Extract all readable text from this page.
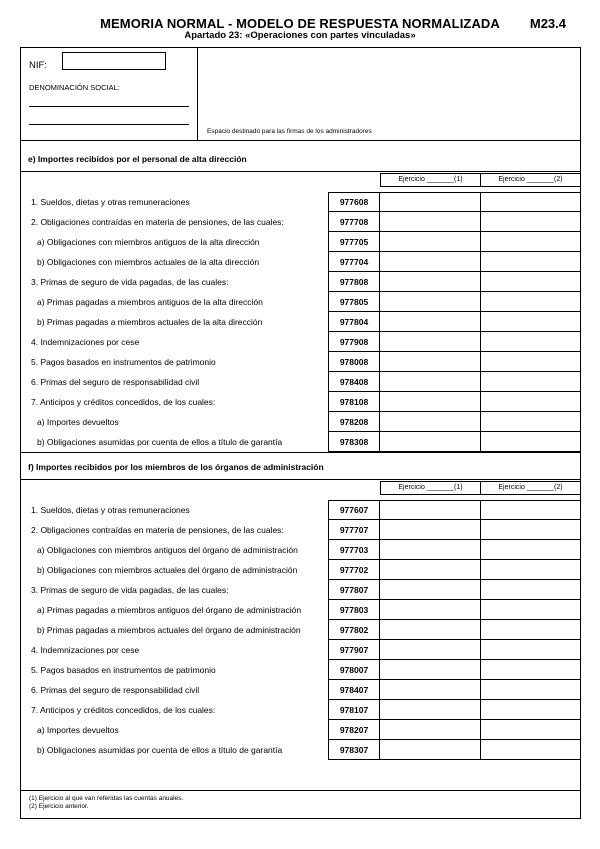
MEMORIA NORMAL - MODELO DE RESPUESTA NORMALIZADA	M23.4
Apartado 23: «Operaciones con partes vinculadas»
NIF:
DENOMINACIÓN SOCIAL:
Espacio destinado para las firmas de los administradores
e) Importes recibidos por el personal de alta dirección
Ejercicio _______(1)	Ejercicio _______(2)
1. Sueldos, dietas y otras remuneraciones	977608
2. Obligaciones contraídas en materia de pensiones, de las cuales:	977708
a) Obligaciones con miembros antiguos de la alta dirección	977705
b) Obligaciones con miembros actuales de la alta dirección	977704
3. Primas de seguro de vida pagadas, de las cuales:	977808
a) Primas pagadas a miembros antiguos de la alta dirección	977805
b) Primas pagadas a miembros actuales de la alta dirección	977804
4. Indemnizaciones por cese	977908
5. Pagos basados en instrumentos de patrimonio	978008
6. Primas del seguro de responsabilidad civil	978408
7. Anticipos y créditos concedidos, de los cuales:	978108
a) Importes devueltos	978208
b) Obligaciones asumidas por cuenta de ellos a título de garantía	978308
f) Importes recibidos por los miembros de los órganos de administración
Ejercicio _______(1)	Ejercicio _______(2)
1. Sueldos, dietas y otras remuneraciones	977607
2. Obligaciones contraídas en materia de pensiones, de las cuales:	977707
a) Obligaciones con miembros antiguos del órgano de administración	977703
b) Obligaciones con miembros actuales del órgano de administración	977702
3. Primas de seguro de vida pagadas, de las cuales:	977807
a) Primas pagadas a miembros antiguos del órgano de administración	977803
b) Primas pagadas a miembros actuales del órgano de administración	977802
4. Indemnizaciones por cese	977907
5. Pagos basados en instrumentos de patrimonio	978007
6. Primas del seguro de responsabilidad civil	978407
7. Anticipos y créditos concedidos, de los cuales:	978107
a) Importes devueltos	978207
b) Obligaciones asumidas por cuenta de ellos a título de garantía	978307
(1) Ejercicio al que van referidas las cuentas anuales.
(2) Ejercicio anterior.
